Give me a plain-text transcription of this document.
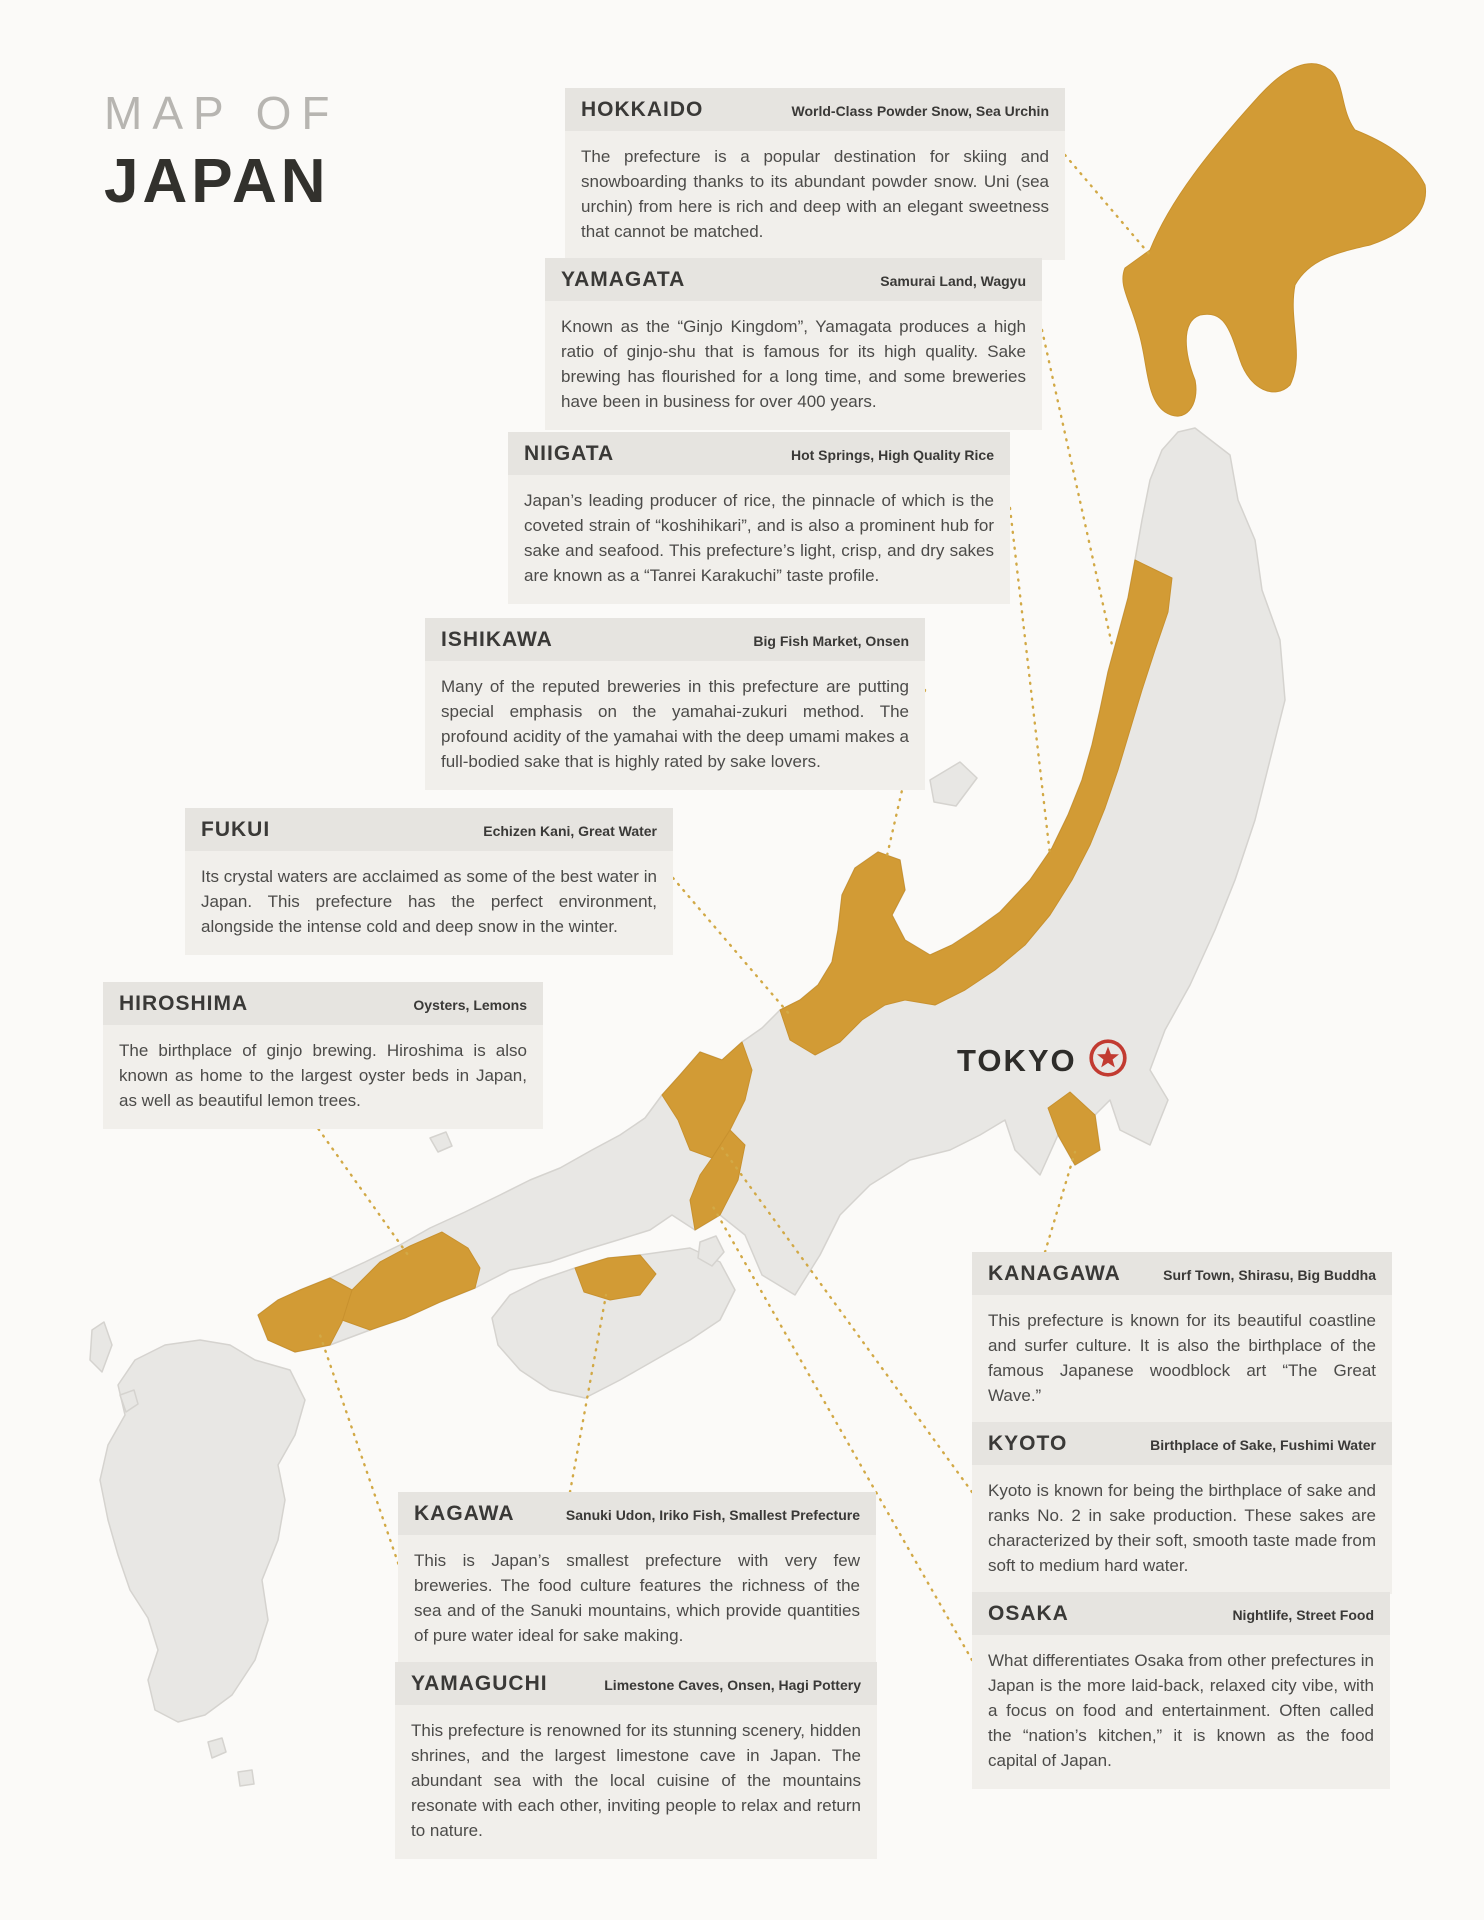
MAP OF
JAPAN
TOKYO
HOKKAIDO	World-Class Powder Snow, Sea Urchin
The prefecture is a popular destination for skiing and snowboarding thanks to its abundant powder snow. Uni (sea urchin) from here is rich and deep with an elegant sweetness that cannot be matched.
YAMAGATA	Samurai Land, Wagyu
Known as the “Ginjo Kingdom”, Yamagata produces a high ratio of ginjo-shu that is famous for its high quality. Sake brewing has flourished for a long time, and some breweries have been in business for over 400 years.
NIIGATA	Hot Springs, High Quality Rice
Japan’s leading producer of rice, the pinnacle of which is the coveted strain of “koshihikari”, and is also a prominent hub for sake and seafood. This prefecture’s light, crisp, and dry sakes are known as a “Tanrei Karakuchi” taste profile.
ISHIKAWA	Big Fish Market, Onsen
Many of the reputed breweries in this prefecture are putting special emphasis on the yamahai-zukuri method. The profound acidity of the yamahai with the deep umami makes a full-bodied sake that is highly rated by sake lovers.
FUKUI	Echizen Kani, Great Water
Its crystal waters are acclaimed as some of the best water in Japan. This prefecture has the perfect environment, alongside the intense cold and deep snow in the winter.
HIROSHIMA	Oysters, Lemons
The birthplace of ginjo brewing. Hiroshima is also known as home to the largest oyster beds in Japan, as well as beautiful lemon trees.
KANAGAWA	Surf Town, Shirasu, Big Buddha
This prefecture is known for its beautiful coastline and surfer culture. It is also the birthplace of the famous Japanese woodblock art “The Great Wave.”
KYOTO	Birthplace of Sake, Fushimi Water
Kyoto is known for being the birthplace of sake and ranks No. 2 in sake production. These sakes are characterized by their soft, smooth taste made from soft to medium hard water.
OSAKA	Nightlife, Street Food
What differentiates Osaka from other prefectures in Japan is the more laid-back, relaxed city vibe, with a focus on food and entertainment. Often called the “nation’s kitchen,” it is known as the food capital of Japan.
KAGAWA	Sanuki Udon, Iriko Fish, Smallest Prefecture
This is Japan’s smallest prefecture with very few breweries. The food culture features the richness of the sea and of the Sanuki mountains, which provide quantities of pure water ideal for sake making.
YAMAGUCHI	Limestone Caves, Onsen, Hagi Pottery
This prefecture is renowned for its stunning scenery, hidden shrines, and the largest limestone cave in Japan. The abundant sea with the local cuisine of the mountains resonate with each other, inviting people to relax and return to nature.
